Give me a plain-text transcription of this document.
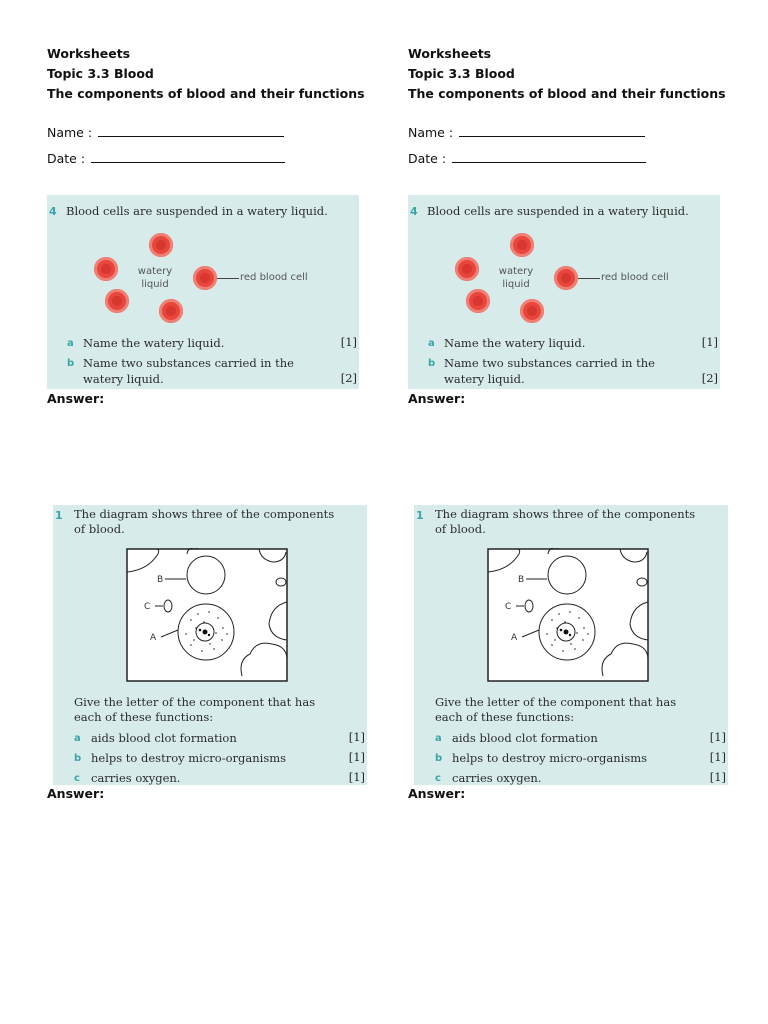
Worksheets
Topic 3.3 Blood
The components of blood and their functions
Name :
Date :
4 Blood cells are suspended in a watery liquid.
watery
liquid
red blood cell
a Name the watery liquid.	[1]
b Name two substances carried in the
watery liquid.	[2]
Answer:
1 The diagram shows three of the components
of blood.
B
C
A
Give the letter of the component that has
each of these functions:
a aids blood clot formation	[1]
b helps to destroy micro-organisms	[1]
c carries oxygen.	[1]
Answer:
Worksheets
Topic 3.3 Blood
The components of blood and their functions
Name :
Date :
4 Blood cells are suspended in a watery liquid.
watery
liquid
red blood cell
a Name the watery liquid.	[1]
b Name two substances carried in the
watery liquid.	[2]
Answer:
1 The diagram shows three of the components
of blood.
B
C
A
Give the letter of the component that has
each of these functions:
a aids blood clot formation	[1]
b helps to destroy micro-organisms	[1]
c carries oxygen.	[1]
Answer:
